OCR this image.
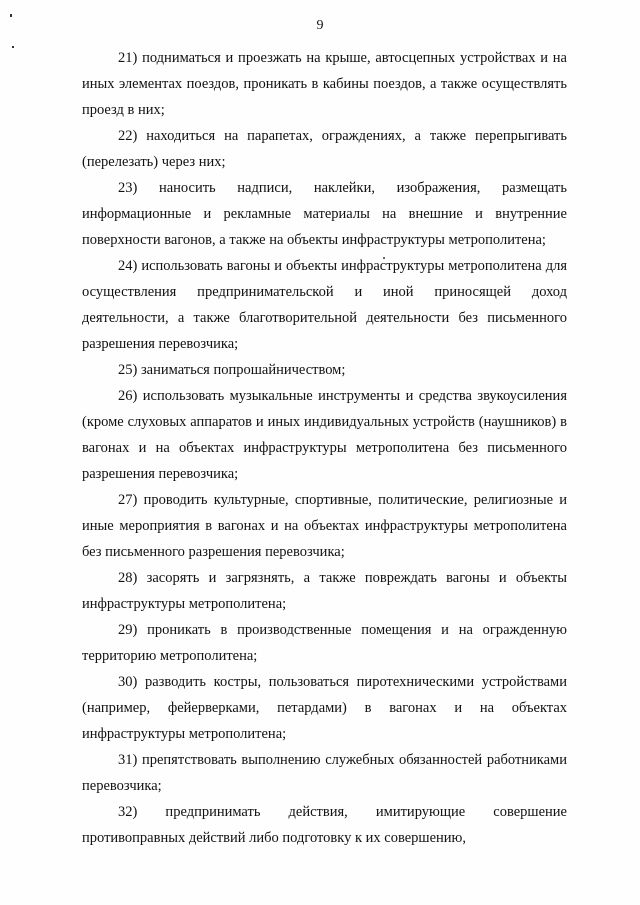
9

21) подниматься и проезжать на крыше, автосцепных устройствах и на иных элементах поездов, проникать в кабины поездов, а также осуществлять проезд в них;

22) находиться на парапетах, ограждениях, а также перепрыгивать (перелезать) через них;

23) наносить надписи, наклейки, изображения, размещать информационные и рекламные материалы на внешние и внутренние поверхности вагонов, а также на объекты инфраструктуры метрополитена;

24) использовать вагоны и объекты инфраструктуры метрополитена для осуществления предпринимательской и иной приносящей доход деятельности, а также благотворительной деятельности без письменного разрешения перевозчика;

25) заниматься попрошайничеством;

26) использовать музыкальные инструменты и средства звукоусиления (кроме слуховых аппаратов и иных индивидуальных устройств (наушников) в вагонах и на объектах инфраструктуры метрополитена без письменного разрешения перевозчика;

27) проводить культурные, спортивные, политические, религиозные и иные мероприятия в вагонах и на объектах инфраструктуры метрополитена без письменного разрешения перевозчика;

28) засорять и загрязнять, а также повреждать вагоны и объекты инфраструктуры метрополитена;

29) проникать в производственные помещения и на огражденную территорию метрополитена;

30) разводить костры, пользоваться пиротехническими устройствами (например, фейерверками, петардами) в вагонах и на объектах инфраструктуры метрополитена;

31) препятствовать выполнению служебных обязанностей работниками перевозчика;

32) предпринимать действия, имитирующие совершение противоправных действий либо подготовку к их совершению,
